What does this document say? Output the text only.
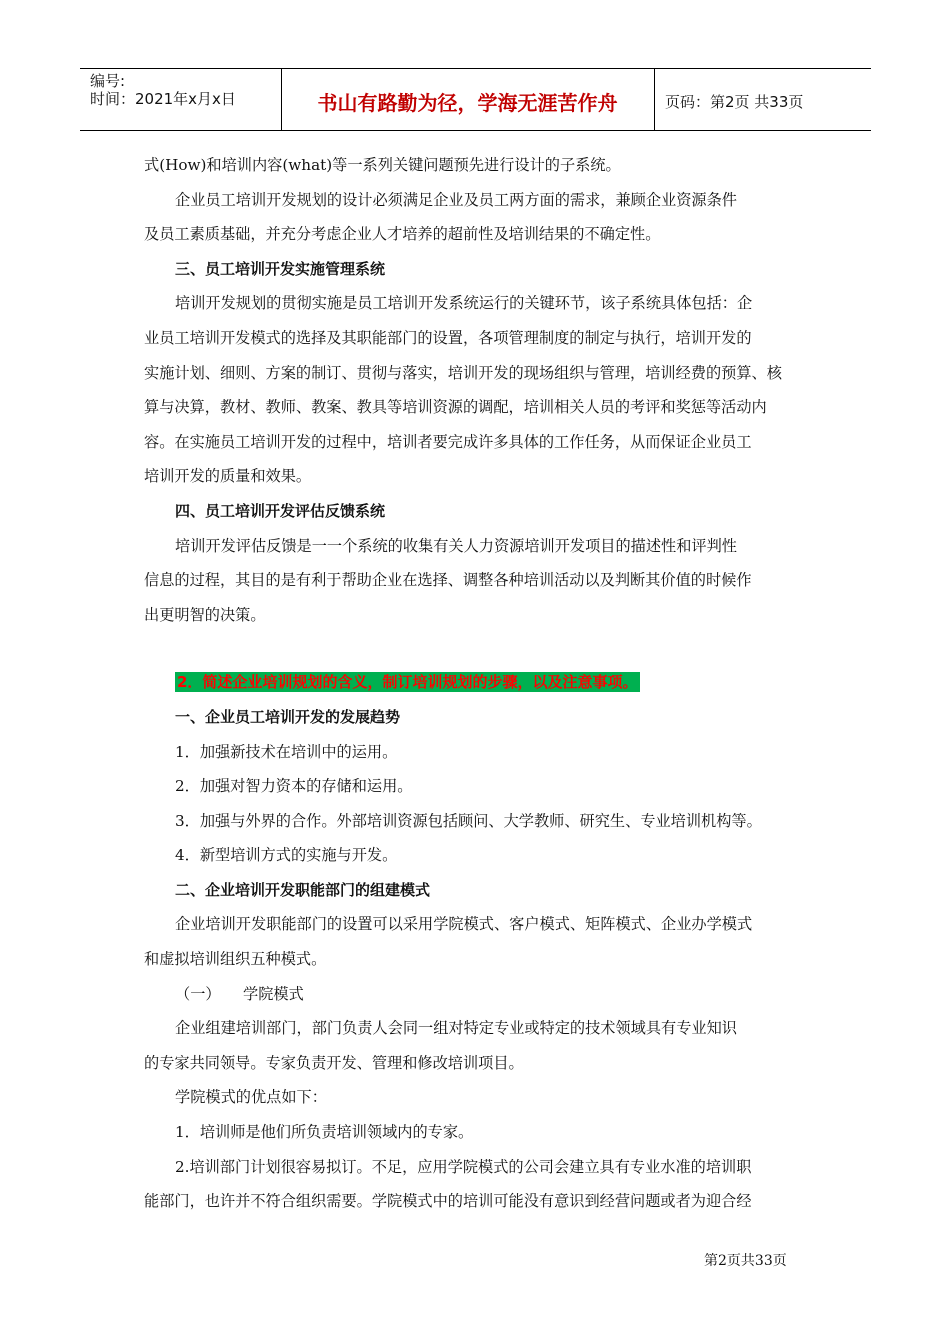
编号:
时间：2021年x月x日	书山有路勤为径，学海无涯苦作舟	页码：第2页 共33页
式(How)和培训内容(what)等一系列关键问题预先进行设计的子系统。
企业员工培训开发规划的设计必须满足企业及员工两方面的需求，兼顾企业资源条件
及员工素质基础，并充分考虑企业人才培养的超前性及培训结果的不确定性。
三、员工培训开发实施管理系统
培训开发规划的贯彻实施是员工培训开发系统运行的关键环节，该子系统具体包括：企
业员工培训开发模式的选择及其职能部门的设置，各项管理制度的制定与执行，培训开发的
实施计划、细则、方案的制订、贯彻与落实，培训开发的现场组织与管理，培训经费的预算、核
算与决算，教材、教师、教案、教具等培训资源的调配，培训相关人员的考评和奖惩等活动内
容。在实施员工培训开发的过程中，培训者要完成许多具体的工作任务，从而保证企业员工
培训开发的质量和效果。
四、员工培训开发评估反馈系统
培训开发评估反馈是一一个系统的收集有关人力资源培训开发项目的描述性和评判性
信息的过程，其目的是有利于帮助企业在选择、调整各种培训活动以及判断其价值的时候作
出更明智的决策。
2．简述企业培训规划的含义，制订培训规划的步骤，以及注意事项。
一、企业员工培训开发的发展趋势
1．加强新技术在培训中的运用。
2．加强对智力资本的存储和运用。
3．加强与外界的合作。外部培训资源包括顾问、大学教师、研究生、专业培训机构等。
4．新型培训方式的实施与开发。
二、企业培训开发职能部门的组建模式
企业培训开发职能部门的设置可以采用学院模式、客户模式、矩阵模式、企业办学模式
和虚拟培训组织五种模式。
（一） 学院模式
企业组建培训部门，部门负责人会同一组对特定专业或特定的技术领域具有专业知识
的专家共同领导。专家负责开发、管理和修改培训项目。
学院模式的优点如下：
1．培训师是他们所负责培训领域内的专家。
2.培训部门计划很容易拟订。不足，应用学院模式的公司会建立具有专业水准的培训职
能部门，也许并不符合组织需要。学院模式中的培训可能没有意识到经营问题或者为迎合经
第2页共33页
